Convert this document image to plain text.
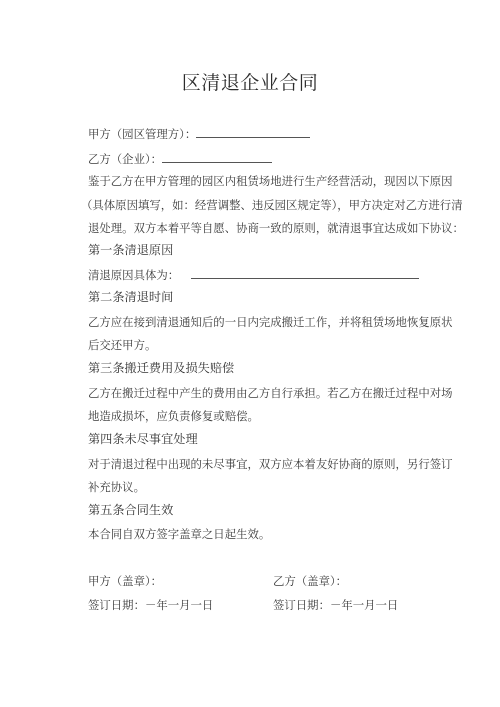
区清退企业合同
甲方（园区管理方）：
乙方（企业）：
鉴于乙方在甲方管理的园区内租赁场地进行生产经营活动，现因以下原因
（具体原因填写，如：经营调整、违反园区规定等），甲方决定对乙方进行清
退处理。双方本着平等自愿、协商一致的原则，就清退事宜达成如下协议：
第一条清退原因
清退原因具体为：
第二条清退时间
乙方应在接到清退通知后的一日内完成搬迁工作，并将租赁场地恢复原状
后交还甲方。
第三条搬迁费用及损失赔偿
乙方在搬迁过程中产生的费用由乙方自行承担。若乙方在搬迁过程中对场
地造成损坏，应负责修复或赔偿。
第四条未尽事宜处理
对于清退过程中出现的未尽事宜，双方应本着友好协商的原则，另行签订
补充协议。
第五条合同生效
本合同自双方签字盖章之日起生效。
甲方（盖章）：	乙方（盖章）：
签订日期：－年一月一日	签订日期：－年一月一日
